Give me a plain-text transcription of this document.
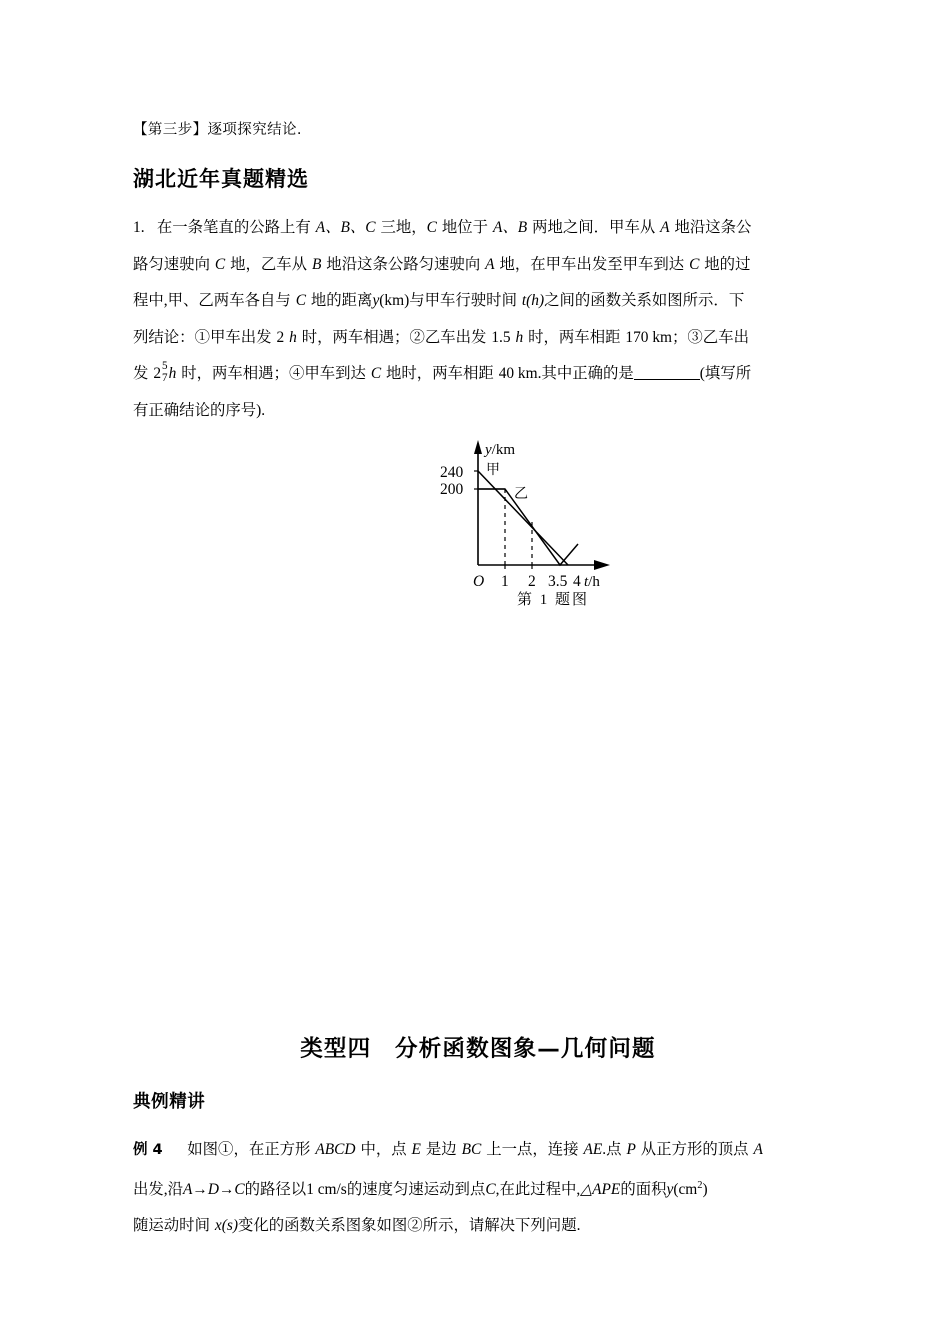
【第三步】逐项探究结论.
湖北近年真题精选
1. 在一条笔直的公路上有 A、B、C 三地，C 地位于 A、B 两地之间．甲车从 A 地沿这条公
路匀速驶向 C 地，乙车从 B 地沿这条公路匀速驶向 A 地，在甲车出发至甲车到达 C 地的过
程中,甲、乙两车各自与 C 地的距离y(km)与甲车行驶时间 t(h)之间的函数关系如图所示．下
列结论：①甲车出发 2 h 时，两车相遇；②乙车出发 1.5 h 时，两车相距 170 km；③乙车出
发 2 5
7 h 时，两车相遇；④甲车到达 C 地时，两车相距 40 km.其中正确的是	(填写所
有正确结论的序号).
y/km
t/h
240
200
O 1 2 3.5 4
甲
乙
第 1 题图
类型四　分析函数图象—几何问题
典例精讲
例 4 如图①，在正方形 ABCD 中，点 E 是边 BC 上一点，连接 AE.点 P 从正方形的顶点 A
出发,沿A→D→C的路径以1 cm/s的速度匀速运动到点C,在此过程中,△APE的面积$y(cm^2)$
随运动时间 x(s)变化的函数关系图象如图②所示，请解决下列问题.
